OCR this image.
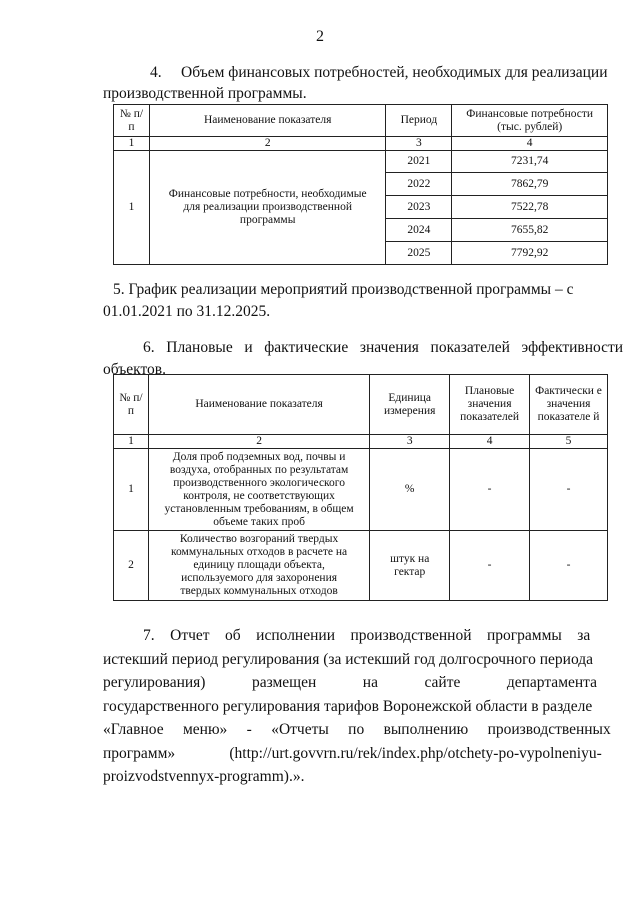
2
4.     Объем финансовых потребностей, необходимых для реализации
производственной программы.
№ п/п	Наименование показателя	Период	Финансовые потребности (тыс. рублей)
1	2	3	4
1	Финансовые потребности, необходимые для реализации производственной программы	2021	7231,74
		2022	7862,79
		2023	7522,78
		2024	7655,82
		2025	7792,92
5. График реализации мероприятий производственной программы – с
01.01.2021 по 31.12.2025.
6.   Плановые   и   фактические   значения   показателей   эффективности
объектов.
№ п/п	Наименование показателя	Единица измерения	Плановые значения показателей	Фактически е значения показателе й
1	2	3	4	5
1	Доля проб подземных вод, почвы и воздуха, отобранных по результатам производственного экологического контроля, не соответствующих установленным требованиям, в общем объеме таких проб	%	-	-
2	Количество возгораний твердых коммунальных отходов в расчете на единицу площади объекта, используемого для захоронения твердых коммунальных отходов	штук на гектар	-	-
7.    Отчет    об    исполнении    производственной    программы    за
истекший период регулирования (за истекший год долгосрочного периода
регулирования)            размещен            на            сайте            департамента
государственного регулирования тарифов Воронежской области в разделе
«Главное     меню»     -     «Отчеты     по     выполнению     производственных
программ»              (http://urt.govvrn.ru/rek/index.php/otchety-po-vypolneniyu-
proizvodstvennyx-programm).».
